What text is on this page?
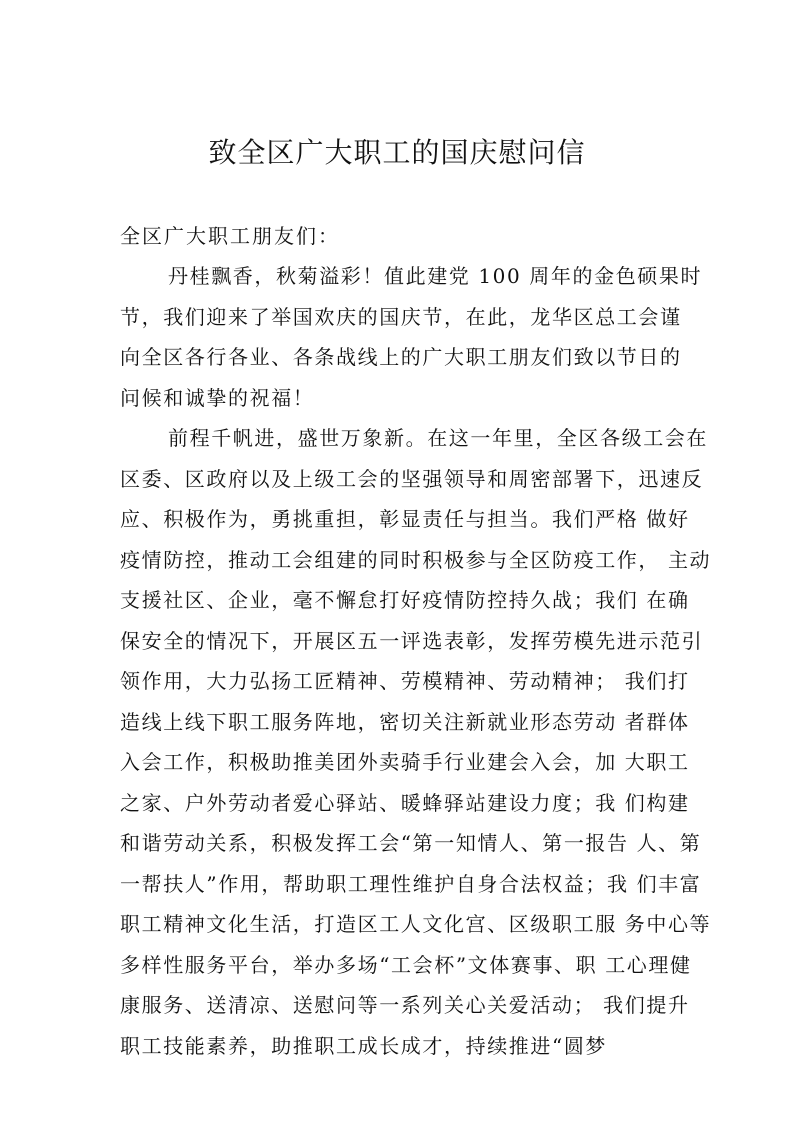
致全区广大职工的国庆慰问信

全区广大职工朋友们：

丹桂飘香，秋菊溢彩！值此建党 100 周年的金色硕果时
节，我们迎来了举国欢庆的国庆节，在此，龙华区总工会谨
向全区各行各业、各条战线上的广大职工朋友们致以节日的
问候和诚挚的祝福！

前程千帆进，盛世万象新。在这一年里，全区各级工会在
区委、区政府以及上级工会的坚强领导和周密部署下，迅速反
应、积极作为，勇挑重担，彰显责任与担当。我们严格 做好
疫情防控，推动工会组建的同时积极参与全区防疫工作， 主动
支援社区、企业，毫不懈怠打好疫情防控持久战；我们 在确
保安全的情况下，开展区五一评选表彰，发挥劳模先进示范引
领作用，大力弘扬工匠精神、劳模精神、劳动精神； 我们打
造线上线下职工服务阵地，密切关注新就业形态劳动 者群体
入会工作，积极助推美团外卖骑手行业建会入会，加 大职工
之家、户外劳动者爱心驿站、暖蜂驿站建设力度；我 们构建
和谐劳动关系，积极发挥工会“第一知情人、第一报告 人、第
一帮扶人”作用，帮助职工理性维护自身合法权益；我 们丰富
职工精神文化生活，打造区工人文化宫、区级职工服 务中心等
多样性服务平台，举办多场“工会杯”文体赛事、职 工心理健
康服务、送清凉、送慰问等一系列关心关爱活动； 我们提升
职工技能素养，助推职工成长成才，持续推进“圆梦
